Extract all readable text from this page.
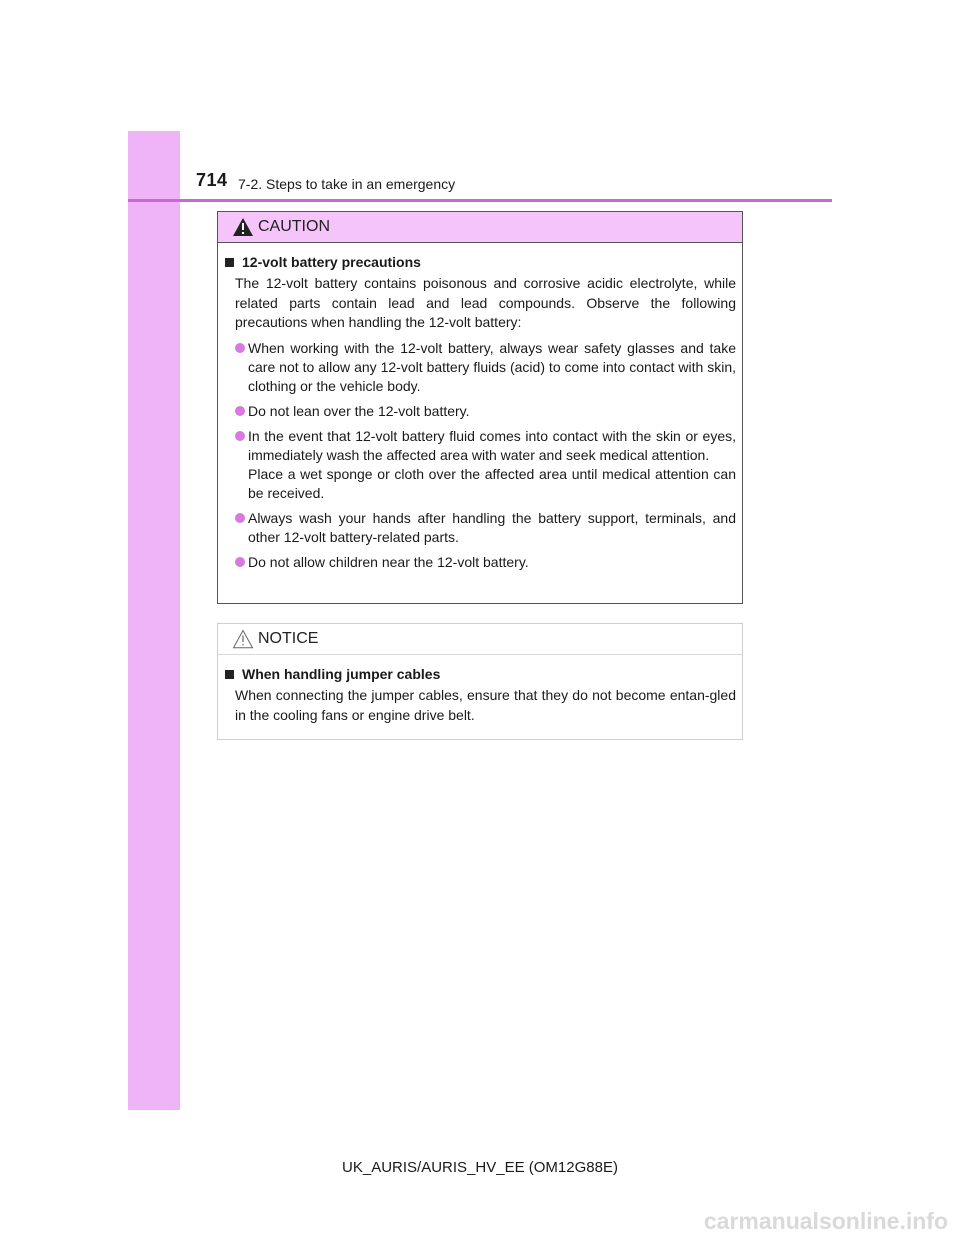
714 7-2. Steps to take in an emergency
CAUTION
12-volt battery precautions
The 12-volt battery contains poisonous and corrosive acidic electrolyte, while related parts contain lead and lead compounds. Observe the following precautions when handling the 12-volt battery:
When working with the 12-volt battery, always wear safety glasses and take care not to allow any 12-volt battery fluids (acid) to come into contact with skin, clothing or the vehicle body.
Do not lean over the 12-volt battery.
In the event that 12-volt battery fluid comes into contact with the skin or eyes, immediately wash the affected area with water and seek medical attention.
Place a wet sponge or cloth over the affected area until medical attention can be received.
Always wash your hands after handling the battery support, terminals, and other 12-volt battery-related parts.
Do not allow children near the 12-volt battery.
NOTICE
When handling jumper cables
When connecting the jumper cables, ensure that they do not become entan-gled in the cooling fans or engine drive belt.
UK_AURIS/AURIS_HV_EE (OM12G88E)
carmanualsonline.info
